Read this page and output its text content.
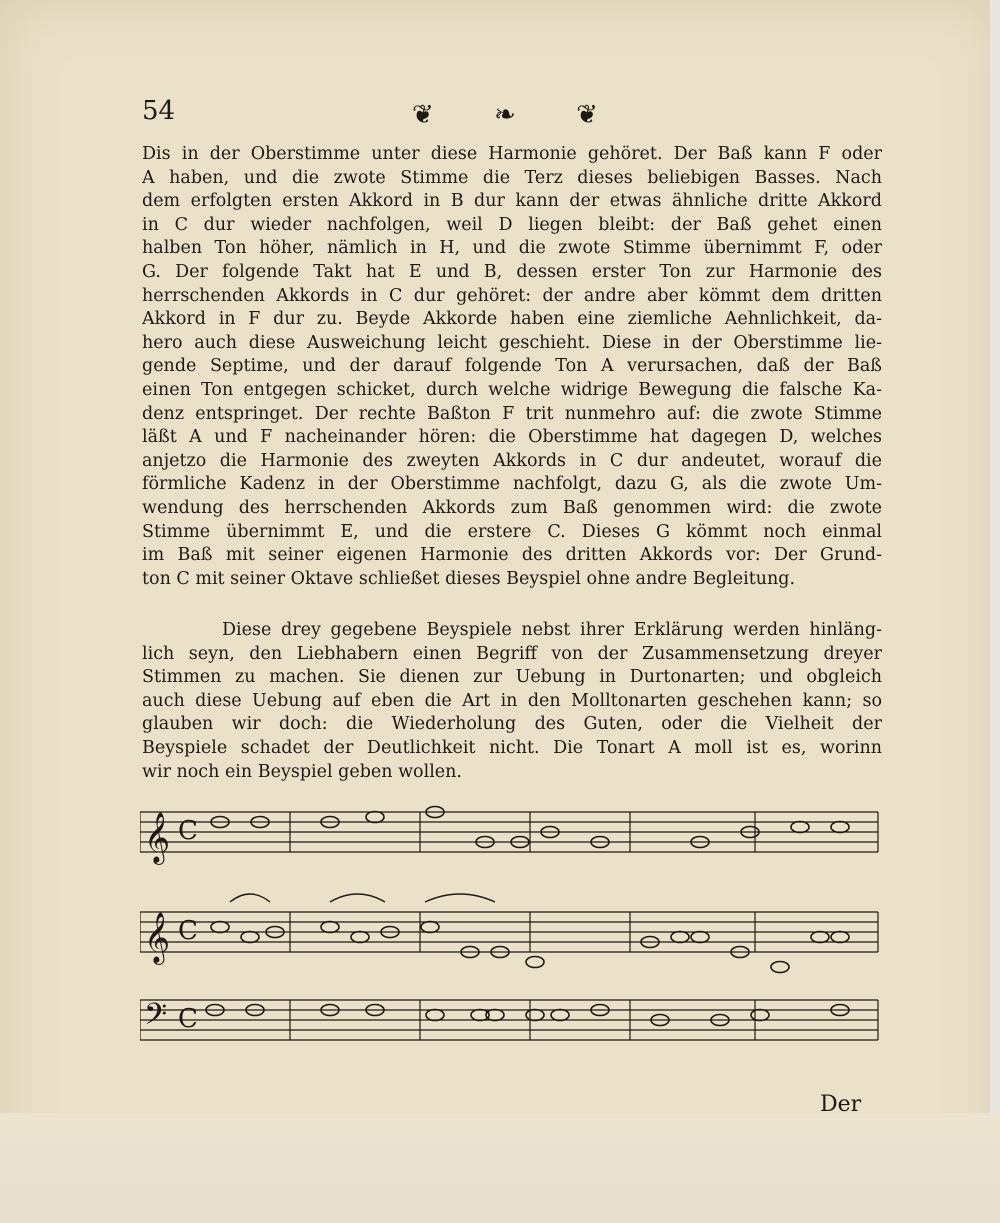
54	❦ ❧ ❦
Dis in der Oberstimme unter diese Harmonie gehöret. Der Baß kann F oder
A haben, und die zwote Stimme die Terz dieses beliebigen Basses. Nach
dem erfolgten ersten Akkord in B dur kann der etwas ähnliche dritte Akkord
in C dur wieder nachfolgen, weil D liegen bleibt: der Baß gehet einen
halben Ton höher, nämlich in H, und die zwote Stimme übernimmt F, oder
G. Der folgende Takt hat E und B, dessen erster Ton zur Harmonie des
herrschenden Akkords in C dur gehöret: der andre aber kömmt dem dritten
Akkord in F dur zu. Beyde Akkorde haben eine ziemliche Aehnlichkeit, da-
hero auch diese Ausweichung leicht geschieht. Diese in der Oberstimme lie-
gende Septime, und der darauf folgende Ton A verursachen, daß der Baß
einen Ton entgegen schicket, durch welche widrige Bewegung die falsche Ka-
denz entspringet. Der rechte Baßton F trit nunmehro auf: die zwote Stimme
läßt A und F nacheinander hören: die Oberstimme hat dagegen D, welches
anjetzo die Harmonie des zweyten Akkords in C dur andeutet, worauf die
förmliche Kadenz in der Oberstimme nachfolgt, dazu G, als die zwote Um-
wendung des herrschenden Akkords zum Baß genommen wird: die zwote
Stimme übernimmt E, und die erstere C. Dieses G kömmt noch einmal
im Baß mit seiner eigenen Harmonie des dritten Akkords vor: Der Grund-
ton C mit seiner Oktave schließet dieses Beyspiel ohne andre Begleitung.
Diese drey gegebene Beyspiele nebst ihrer Erklärung werden hinläng-
lich seyn, den Liebhabern einen Begriff von der Zusammensetzung dreyer
Stimmen zu machen. Sie dienen zur Uebung in Durtonarten; und obgleich
auch diese Uebung auf eben die Art in den Molltonarten geschehen kann; so
glauben wir doch: die Wiederholung des Guten, oder die Vielheit der
Beyspiele schadet der Deutlichkeit nicht. Die Tonart A moll ist es, worinn
wir noch ein Beyspiel geben wollen.
𝄞 C
𝄞 C
𝄢 C
Der
